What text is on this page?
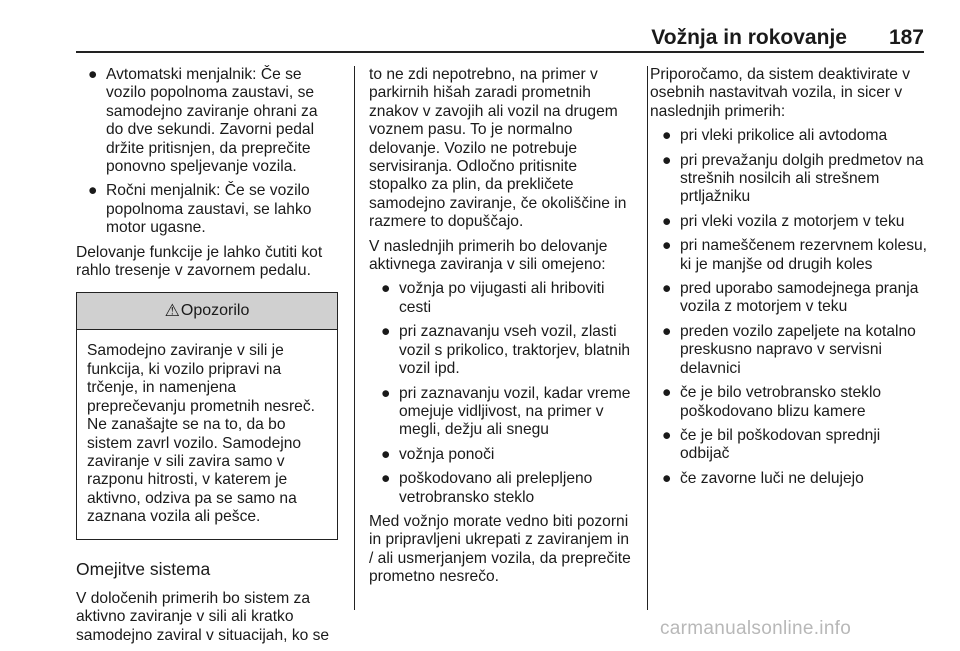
Vožnja in rokovanje 187
● Avtomatski menjalnik: Če se vozilo popolnoma zaustavi, se samodejno zaviranje ohrani za do dve sekundi. Zavorni pedal držite pritisnjen, da preprečite ponovno speljevanje vozila.
● Ročni menjalnik: Če se vozilo popolnoma zaustavi, se lahko motor ugasne.

Delovanje funkcije je lahko čutiti kot rahlo tresenje v zavornem pedalu.

⚠ Opozorilo
Samodejno zaviranje v sili je funkcija, ki vozilo pripravi na trčenje, in namenjena preprečevanju prometnih nesreč. Ne zanašajte se na to, da bo sistem zavrl vozilo. Samodejno zaviranje v sili zavira samo v razponu hitrosti, v katerem je aktivno, odziva pa se samo na zaznana vozila ali pešce.
Omejitve sistema

V določenih primerih bo sistem za aktivno zaviranje v sili ali kratko samodejno zaviral v situacijah, ko se

to ne zdi nepotrebno, na primer v parkirnih hišah zaradi prometnih znakov v zavojih ali vozil na drugem voznem pasu. To je normalno delovanje. Vozilo ne potrebuje servisiranja. Odločno pritisnite stopalko za plin, da prekličete samodejno zaviranje, če okoliščine in razmere to dopuščajo.

V naslednjih primerih bo delovanje aktivnega zaviranja v sili omejeno:

● vožnja po vijugasti ali hriboviti cesti
● pri zaznavanju vseh vozil, zlasti vozil s prikolico, traktorjev, blatnih vozil ipd.
● pri zaznavanju vozil, kadar vreme omejuje vidljivost, na primer v megli, dežju ali snegu
● vožnja ponoči
● poškodovano ali prelepljeno vetrobransko steklo

Med vožnjo morate vedno biti pozorni in pripravljeni ukrepati z zaviranjem in / ali usmerjanjem vozila, da preprečite prometno nesrečo.

Priporočamo, da sistem deaktivirate v osebnih nastavitvah vozila, in sicer v naslednjih primerih:

● pri vleki prikolice ali avtodoma
● pri prevažanju dolgih predmetov na strešnih nosilcih ali strešnem prtljažniku
● pri vleki vozila z motorjem v teku
● pri nameščenem rezervnem kolesu, ki je manjše od drugih koles
● pred uporabo samodejnega pranja vozila z motorjem v teku
● preden vozilo zapeljete na kotalno preskusno napravo v servisni delavnici
● če je bilo vetrobransko steklo poškodovano blizu kamere
● če je bil poškodovan sprednji odbijač
● če zavorne luči ne delujejo
carmanualsonline.info
